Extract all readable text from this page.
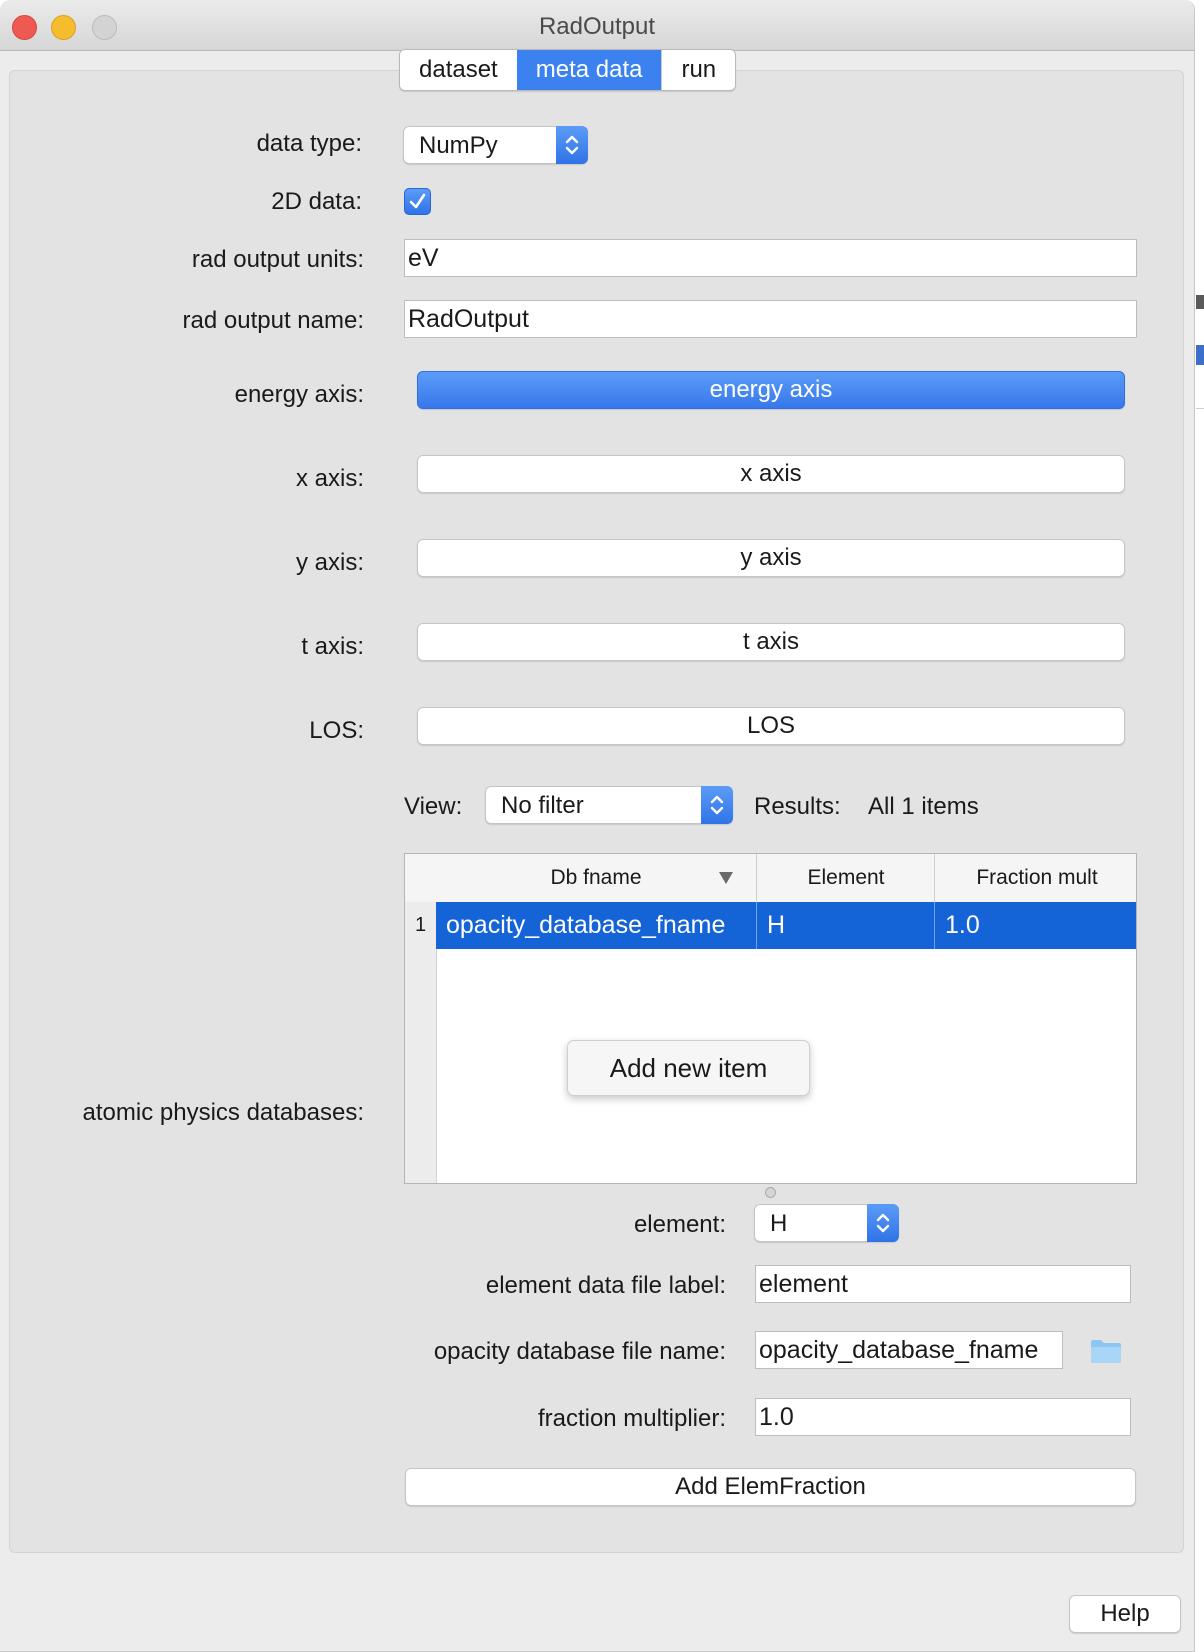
RadOutput
dataset	meta data	run
data type: NumPy
2D data:
rad output units: eV
rad output name: RadOutput
energy axis:	energy axis
x axis:	x axis
y axis:	y axis
t axis:	t axis
LOS:	LOS
View: No filter	Results: All 1 items
atomic physics databases:
Db fname	Element	Fraction mult
1 opacity_database_fname	H	1.0
Add new item
element: H
element data file label: element
opacity database file name: opacity_database_fname
fraction multiplier: 1.0
Add ElemFraction
Help
